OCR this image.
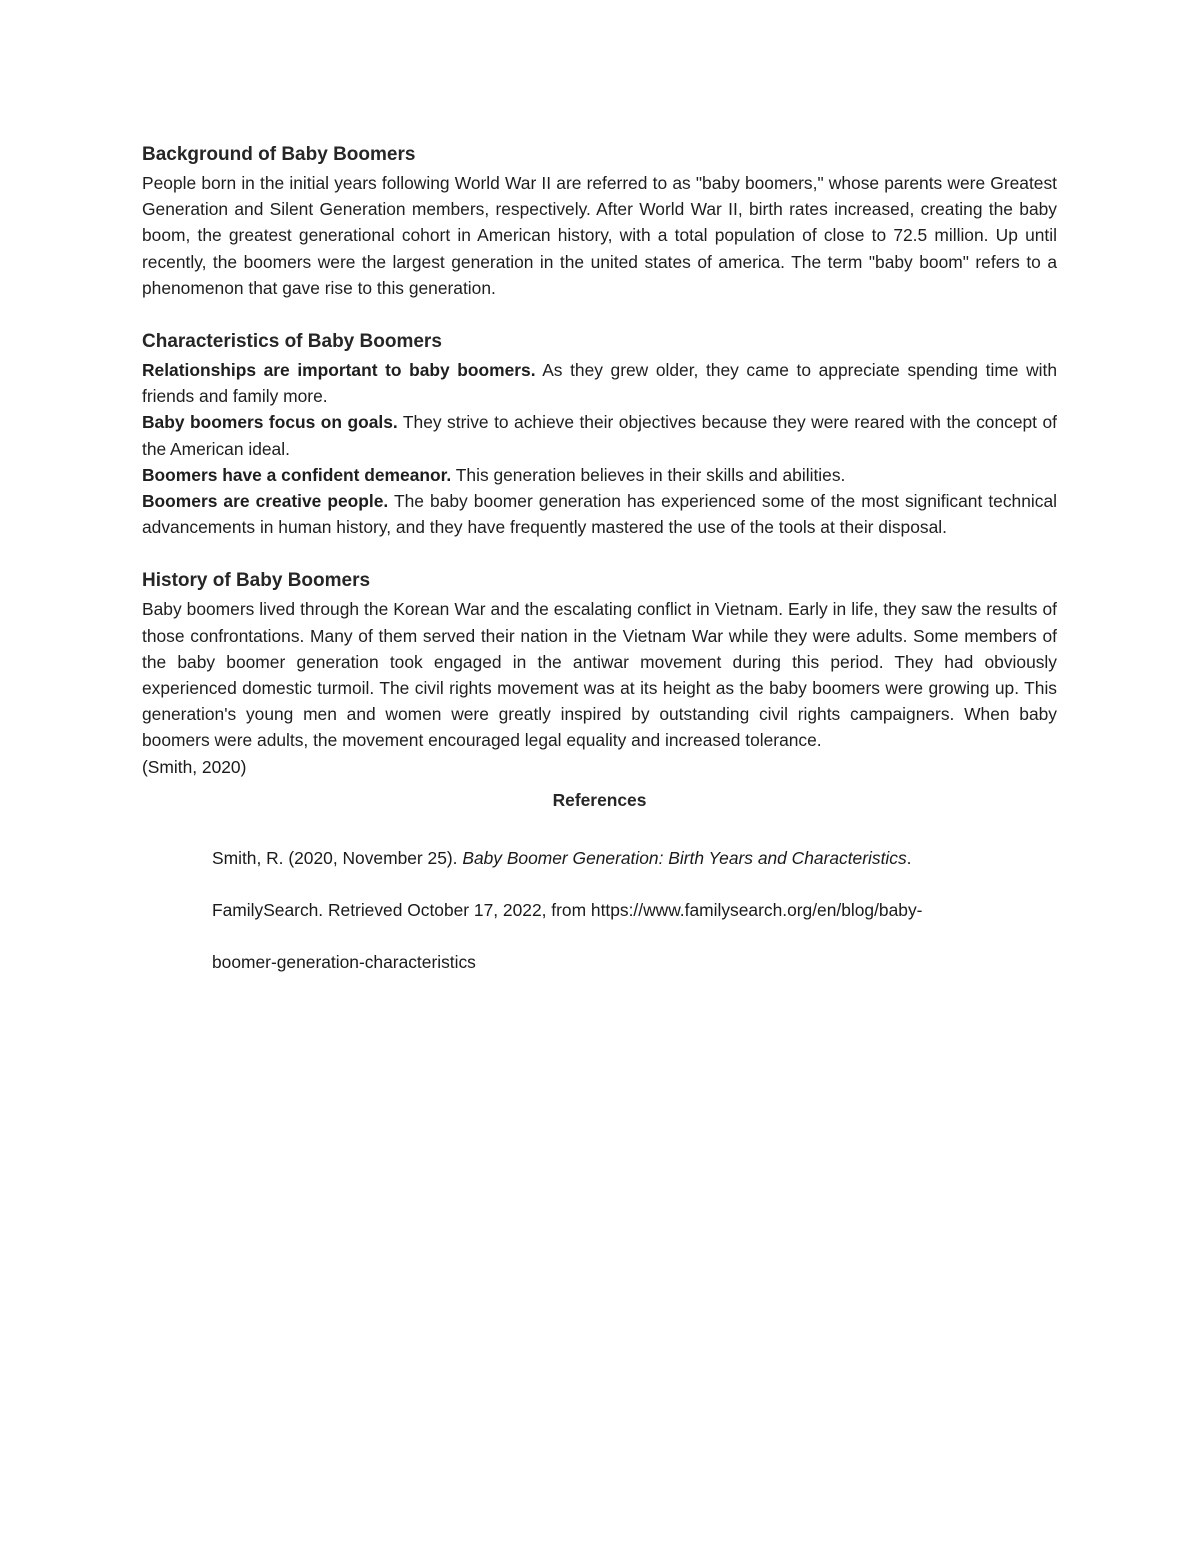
Background of Baby Boomers

People born in the initial years following World War II are referred to as "baby boomers," whose parents were Greatest Generation and Silent Generation members, respectively. After World War II, birth rates increased, creating the baby boom, the greatest generational cohort in American history, with a total population of close to 72.5 million. Up until recently, the boomers were the largest generation in the united states of america. The term "baby boom" refers to a phenomenon that gave rise to this generation.

Characteristics of Baby Boomers

Relationships are important to baby boomers. As they grew older, they came to appreciate spending time with friends and family more.

Baby boomers focus on goals. They strive to achieve their objectives because they were reared with the concept of the American ideal.

Boomers have a confident demeanor. This generation believes in their skills and abilities.

Boomers are creative people. The baby boomer generation has experienced some of the most significant technical advancements in human history, and they have frequently mastered the use of the tools at their disposal.

History of Baby Boomers

Baby boomers lived through the Korean War and the escalating conflict in Vietnam. Early in life, they saw the results of those confrontations. Many of them served their nation in the Vietnam War while they were adults. Some members of the baby boomer generation took engaged in the antiwar movement during this period. They had obviously experienced domestic turmoil. The civil rights movement was at its height as the baby boomers were growing up. This generation's young men and women were greatly inspired by outstanding civil rights campaigners. When baby boomers were adults, the movement encouraged legal equality and increased tolerance.

(Smith, 2020)

References

Smith, R. (2020, November 25). Baby Boomer Generation: Birth Years and Characteristics.
FamilySearch. Retrieved October 17, 2022, from https://www.familysearch.org/en/blog/baby-
boomer-generation-characteristics
